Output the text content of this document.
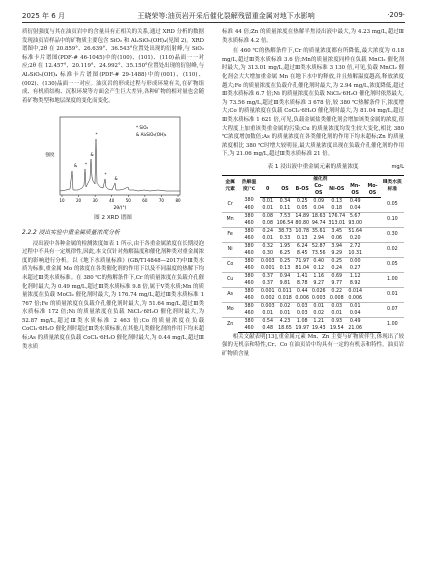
2025 年 6 月	王晓荣等:油页岩开采后催化裂解残留重金属对地下水影响	·209·

质衍射强度与其在油页岩中的含量具有正相关的关系,通过 XRD 分析的数据发现油页岩样品中的矿物质主要包含 SiO₂ 和 Al₂SiO₅(OH)₄(见图 2)。XRD 谱图中,2θ 在 20.859°、26.639°、36.543°位置处出现的衍射峰,与 SiO₂ 标准卡片谱图(PDF-# 46-1045)中的(100)、(101)、(110)晶面一一对应;2θ 在 12.457°、20.119°、24.992°、35.150°位置处出现的衍射峰,与 Al₂SiO₅(OH)₄ 标准卡片谱图(PDF-# 29-1488)中的(001)、(110)、(002)、(130)晶面一一对应。油页岩的形成过程与形成环境有关,在矿物组成、有机质结构、沉积环境等方面会产生巨大差异,各种矿物的相对量也会随着矿物类型和地层深度的变化而变化。

& *
&
*
*
&
* SiO₂
& Al₂SiO₅(OH)₄
10	20	30	40	50	60	70	80
2θ/(°)
强度
图 2 XRD 谱图
2.2.2 浸出实验中重金属质量浓度分析

浸出液中各种金属的检测浓度如表 1 所示,由于各重金属浓度在长期浸泡过程中不具有一定规律性,因此,本文仅针对热解温度和催化剂种类对重金属浓度的影响进行分析。以《地下水质量标准》(GB/T14848—2017)中Ⅲ类水质为标准,重金属 Mo 的浓度在各类催化剂的作用下以及不同温度的热解下均未超过Ⅲ类水质标准。在 380 ℃的热解条件下,Cr 的质量浓度在负载介孔催化剂时最大,为 0.49 mg/L,超过Ⅲ类水质标准 9.8 倍,属于Ⅴ类水质;Mn 的质量浓度在负载 MoCl₂ 催化剂时最大,为 176.74 mg/L,超过Ⅲ类水质标准 1 767 倍;Fe 的质量浓度在负载介孔催化剂时最大,为 51.64 mg/L,超过Ⅲ类水质标准 172 倍;Ni 的质量浓度在负载 NiCl₂·6H₂O 催化剂时最大,为 52.87 mg/L,超过Ⅲ类水质标准 2 463 倍;Co 的质量浓度在负载 CoCl₂·6H₂O 催化剂时超过Ⅲ类水质标准,在其他几类催化剂的作用下均未超标;As 的质量浓度在负载 CoCl₂·6H₂O 催化剂时最大,为 0.44 mg/L,超过Ⅲ类水质

标准 44 倍;Zn 的质量浓度在热解半焦浸出液中最大,为 4.23 mg/L,超过Ⅲ类水质标准 4.2 倍。

在 460 ℃的热解条件下,Cr 的质量浓度都有所降低,最大浓度为 0.18 mg/L,超过Ⅲ类水质标准 3.6 倍;Mn的质量浓度同样在负载 MnCl₂ 催化剂时最大,为 313.01 mg/L,超过Ⅲ类水质标准 3 130 倍,可见,负载 MnCl₂ 催化剂会大大增加重金属 Mn 在地下水中的释放,并且热解温度越高,释放浓度越大;Fe 的质量浓度在负载介孔催化剂时最大,为 2.94 mg/L,浓度降低,超过Ⅲ类水质标准 6.7 倍;Ni 的质量浓度在负载 NiCl₂·6H₂O 催化剂时依然最大,为 73.56 mg/L,超过Ⅲ类水质标准 3 678 倍,较 380 ℃热解条件下,浓度增大;Co 的质量浓度在负载 CoCl₂·6H₂O 催化剂时最大,为 81.04 mg/L,超过Ⅲ类水质标准 1 621 倍,可见,负载金属盐类催化剂会增加该类金属的浓度,很大程度上加重该类重金属的污染;Cu 的质量浓度均发生较大变化,相比 380 ℃浓度增加数倍;As 的质量浓度在各类催化剂的作用下均未超标;Zn 的质量浓度相比 380 ℃时增大较明显,最大质量浓度出现在负载介孔催化剂的作用下,为 21.06 mg/L,超过Ⅲ类水质标准 21 倍。

表 1 浸出液中重金属元素的质量浓度	mg/L
金属元素	热解温度/℃	催化剂							Ⅲ类水质标准
		0	OS	B-OS	Co-OS	Ni-OS	Mn-OS	Mo-OS	
Cr	380	0.01	0.34	0.25	0.09	0.13	0.49		0.05
	460	0.01	0.11	0.05	0.04	0.18	0.04		
Mn	380	0.08	7.53	14.89	18.63	176.74	5.67		0.10
	460	0.08	106.54	80.80	94.74	313.01	93.00		
Fe	380	0.24	38.73	10.78	35.61	3.45	51.64		0.30
	460	0.01	0.33	0.13	2.94	0.06	0.20		
Ni	380	0.32	1.95	6.24	52.87	3.94	2.72		0.02
	460	0.30	6.25	8.45	73.56	9.29	10.31		
Co	380	0.003	0.25	71.97	0.40	0.25	0.00		0.05
	460	0.001	0.13	81.04	0.12	0.24	0.27		
Cu	380	0.37	0.94	1.41	1.16	0.69	1.12		1.00
	460	0.37	9.81	8.78	9.27	9.77	8.92		
As	380	0.001	0.011	0.44	0.026	0.22	0.014		0.01
	460	0.002	0.018	0.006	0.003	0.008	0.006		
Mo	380	0.003	0.02	0.03	0.01	0.03	0.01		0.07
	460	0.01	0.01	0.03	0.02	0.01	0.04		
Zn	380	0.54	4.23	1.08	1.21	0.93	0.49		1.00
	460	0.48	18.65	19.97	19.43	19.54	21.06		

相关文献表明[13],重金属元素 Mn、Zn 主要与矿物质伴生,体现出了较强的无机亲和特性,Cr、Co 在油页岩中均具有一定的有机亲和特性。油页岩矿物质含量
